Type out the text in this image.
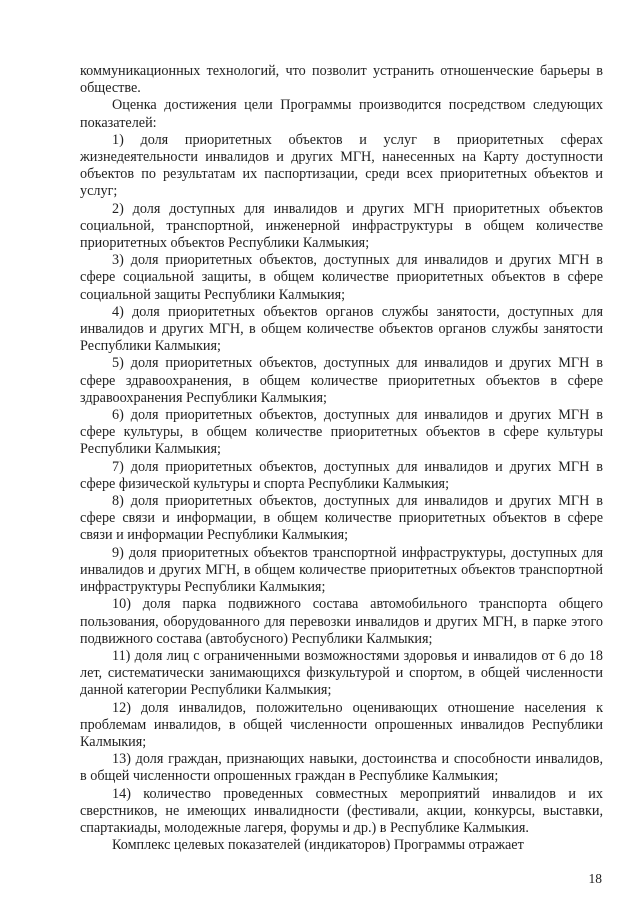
коммуникационных технологий, что позволит устранить отношенческие барьеры в обществе.

Оценка достижения цели Программы производится посредством следующих показателей:

1) доля приоритетных объектов и услуг в приоритетных сферах жизнедеятельности инвалидов и других МГН, нанесенных на Карту доступности объектов по результатам их паспортизации, среди всех приоритетных объектов и услуг;

2) доля доступных для инвалидов и других МГН приоритетных объектов социальной, транспортной, инженерной инфраструктуры в общем количестве приоритетных объектов Республики Калмыкия;

3) доля приоритетных объектов, доступных для инвалидов и других МГН в сфере социальной защиты, в общем количестве приоритетных объектов в сфере социальной защиты Республики Калмыкия;

4) доля приоритетных объектов органов службы занятости, доступных для инвалидов и других МГН, в общем количестве объектов органов службы занятости Республики Калмыкия;

5) доля приоритетных объектов, доступных для инвалидов и других МГН в сфере здравоохранения, в общем количестве приоритетных объектов в сфере здравоохранения Республики Калмыкия;

6) доля приоритетных объектов, доступных для инвалидов и других МГН в сфере культуры, в общем количестве приоритетных объектов в сфере культуры Республики Калмыкия;

7) доля приоритетных объектов, доступных для инвалидов и других МГН в сфере физической культуры и спорта Республики Калмыкия;

8) доля приоритетных объектов, доступных для инвалидов и других МГН в сфере связи и информации, в общем количестве приоритетных объектов в сфере связи и информации Республики Калмыкия;

9) доля приоритетных объектов транспортной инфраструктуры, доступных для инвалидов и других МГН, в общем количестве приоритетных объектов транспортной инфраструктуры Республики Калмыкия;

10) доля парка подвижного состава автомобильного транспорта общего пользования, оборудованного для перевозки инвалидов и других МГН, в парке этого подвижного состава (автобусного) Республики Калмыкия;

11) доля лиц с ограниченными возможностями здоровья и инвалидов от 6 до 18 лет, систематически занимающихся физкультурой и спортом, в общей численности данной категории Республики Калмыкия;

12) доля инвалидов, положительно оценивающих отношение населения к проблемам инвалидов, в общей численности опрошенных инвалидов Республики Калмыкия;

13) доля граждан, признающих навыки, достоинства и способности инвалидов, в общей численности опрошенных граждан в Республике Калмыкия;

14) количество проведенных совместных мероприятий инвалидов и их сверстников, не имеющих инвалидности (фестивали, акции, конкурсы, выставки, спартакиады, молодежные лагеря, форумы и др.) в Республике Калмыкия.

Комплекс целевых показателей (индикаторов) Программы отражает

18
